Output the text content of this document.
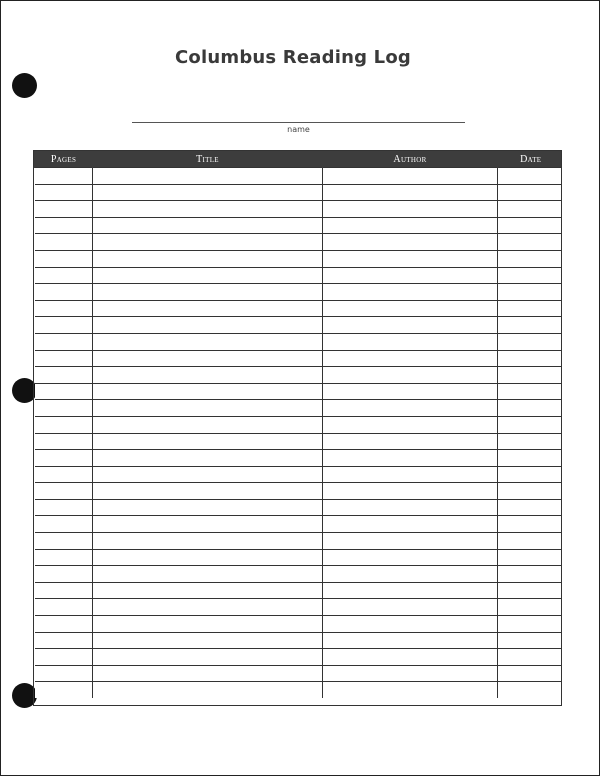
Columbus Reading Log
name
Pages	Title	Author	Date
